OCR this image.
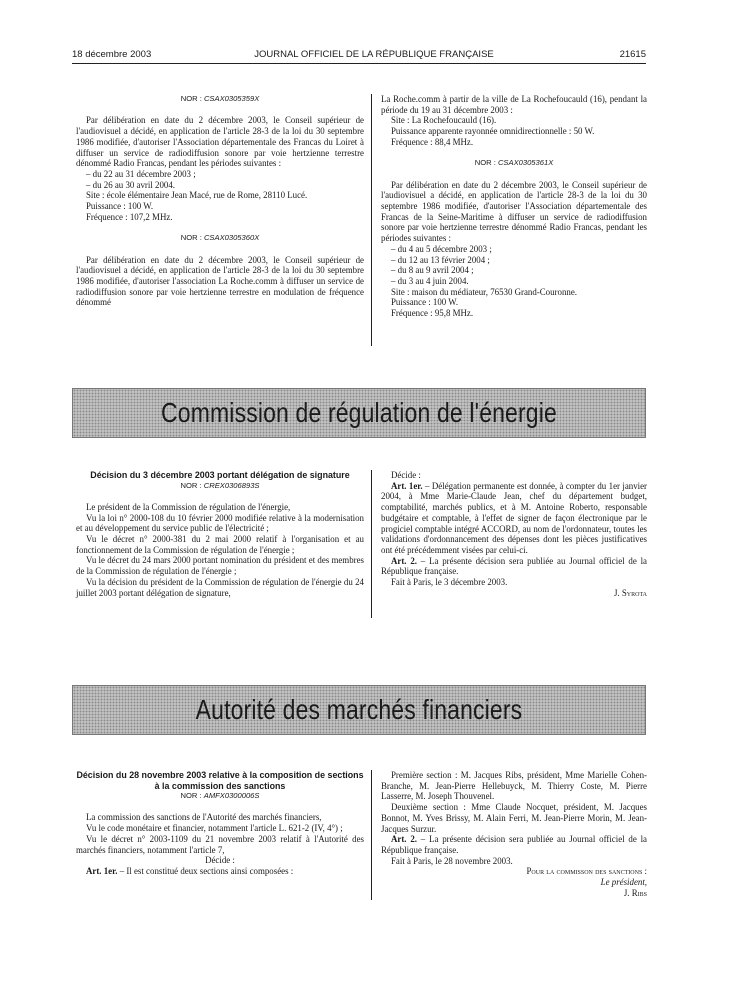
18 décembre 2003	JOURNAL OFFICIEL DE LA RÉPUBLIQUE FRANÇAISE	21615

NOR : CSAX0305359X

Par délibération en date du 2 décembre 2003, le Conseil supérieur de l'audiovisuel a décidé, en application de l'article 28-3 de la loi du 30 septembre 1986 modifiée, d'autoriser l'Association départementale des Francas du Loiret à diffuser un service de radiodiffusion sonore par voie hertzienne terrestre dénommé Radio Francas, pendant les périodes suivantes :

– du 22 au 31 décembre 2003 ;

– du 26 au 30 avril 2004.

Site : école élémentaire Jean Macé, rue de Rome, 28110 Lucé.

Puissance : 100 W.

Fréquence : 107,2 MHz.

NOR : CSAX0305360X

Par délibération en date du 2 décembre 2003, le Conseil supérieur de l'audiovisuel a décidé, en application de l'article 28-3 de la loi du 30 septembre 1986 modifiée, d'autoriser l'association La Roche.comm à diffuser un service de radiodiffusion sonore par voie hertzienne terrestre en modulation de fréquence dénommé

La Roche.comm à partir de la ville de La Rochefoucauld (16), pendant la période du 19 au 31 décembre 2003 :

Site : La Rochefoucauld (16).

Puissance apparente rayonnée omnidirectionnelle : 50 W.

Fréquence : 88,4 MHz.

NOR : CSAX0305361X

Par délibération en date du 2 décembre 2003, le Conseil supérieur de l'audiovisuel a décidé, en application de l'article 28-3 de la loi du 30 septembre 1986 modifiée, d'autoriser l'Association départementale des Francas de la Seine-Maritime à diffuser un service de radiodiffusion sonore par voie hertzienne terrestre dénommé Radio Francas, pendant les périodes suivantes :

– du 4 au 5 décembre 2003 ;

– du 12 au 13 février 2004 ;

– du 8 au 9 avril 2004 ;

– du 3 au 4 juin 2004.

Site : maison du médiateur, 76530 Grand-Couronne.

Puissance : 100 W.

Fréquence : 95,8 MHz.

Commission de régulation de l'énergie

Décision du 3 décembre 2003 portant délégation de signature

NOR : CREX0306893S

Le président de la Commission de régulation de l'énergie,

Vu la loi n° 2000-108 du 10 février 2000 modifiée relative à la modernisation et au développement du service public de l'électricité ;

Vu le décret n° 2000-381 du 2 mai 2000 relatif à l'organisation et au fonctionnement de la Commission de régulation de l'énergie ;

Vu le décret du 24 mars 2000 portant nomination du président et des membres de la Commission de régulation de l'énergie ;

Vu la décision du président de la Commission de régulation de l'énergie du 24 juillet 2003 portant délégation de signature,

Décide :

Art. 1er. – Délégation permanente est donnée, à compter du 1er janvier 2004, à Mme Marie-Claude Jean, chef du département budget, comptabilité, marchés publics, et à M. Antoine Roberto, responsable budgétaire et comptable, à l'effet de signer de façon électronique par le progiciel comptable intégré ACCORD, au nom de l'ordonnateur, toutes les validations d'ordonnancement des dépenses dont les pièces justificatives ont été précédemment visées par celui-ci.

Art. 2. – La présente décision sera publiée au Journal officiel de la République française.

Fait à Paris, le 3 décembre 2003.

J. Syrota

Autorité des marchés financiers

Décision du 28 novembre 2003 relative à la composition de sections à la commission des sanctions

NOR : AMFX0300006S

La commission des sanctions de l'Autorité des marchés financiers,

Vu le code monétaire et financier, notamment l'article L. 621-2 (IV, 4°) ;

Vu le décret n° 2003-1109 du 21 novembre 2003 relatif à l'Autorité des marchés financiers, notamment l'article 7,

Décide :

Art. 1er. – Il est constitué deux sections ainsi composées :

Première section : M. Jacques Ribs, président, Mme Marielle Cohen-Branche, M. Jean-Pierre Hellebuyck, M. Thierry Coste, M. Pierre Lasserre, M. Joseph Thouvenel.

Deuxième section : Mme Claude Nocquet, président, M. Jacques Bonnot, M. Yves Brissy, M. Alain Ferri, M. Jean-Pierre Morin, M. Jean-Jacques Surzur.

Art. 2. – La présente décision sera publiée au Journal officiel de la République française.

Fait à Paris, le 28 novembre 2003.

Pour la commisson des sanctions :

Le président,

J. Ribs
